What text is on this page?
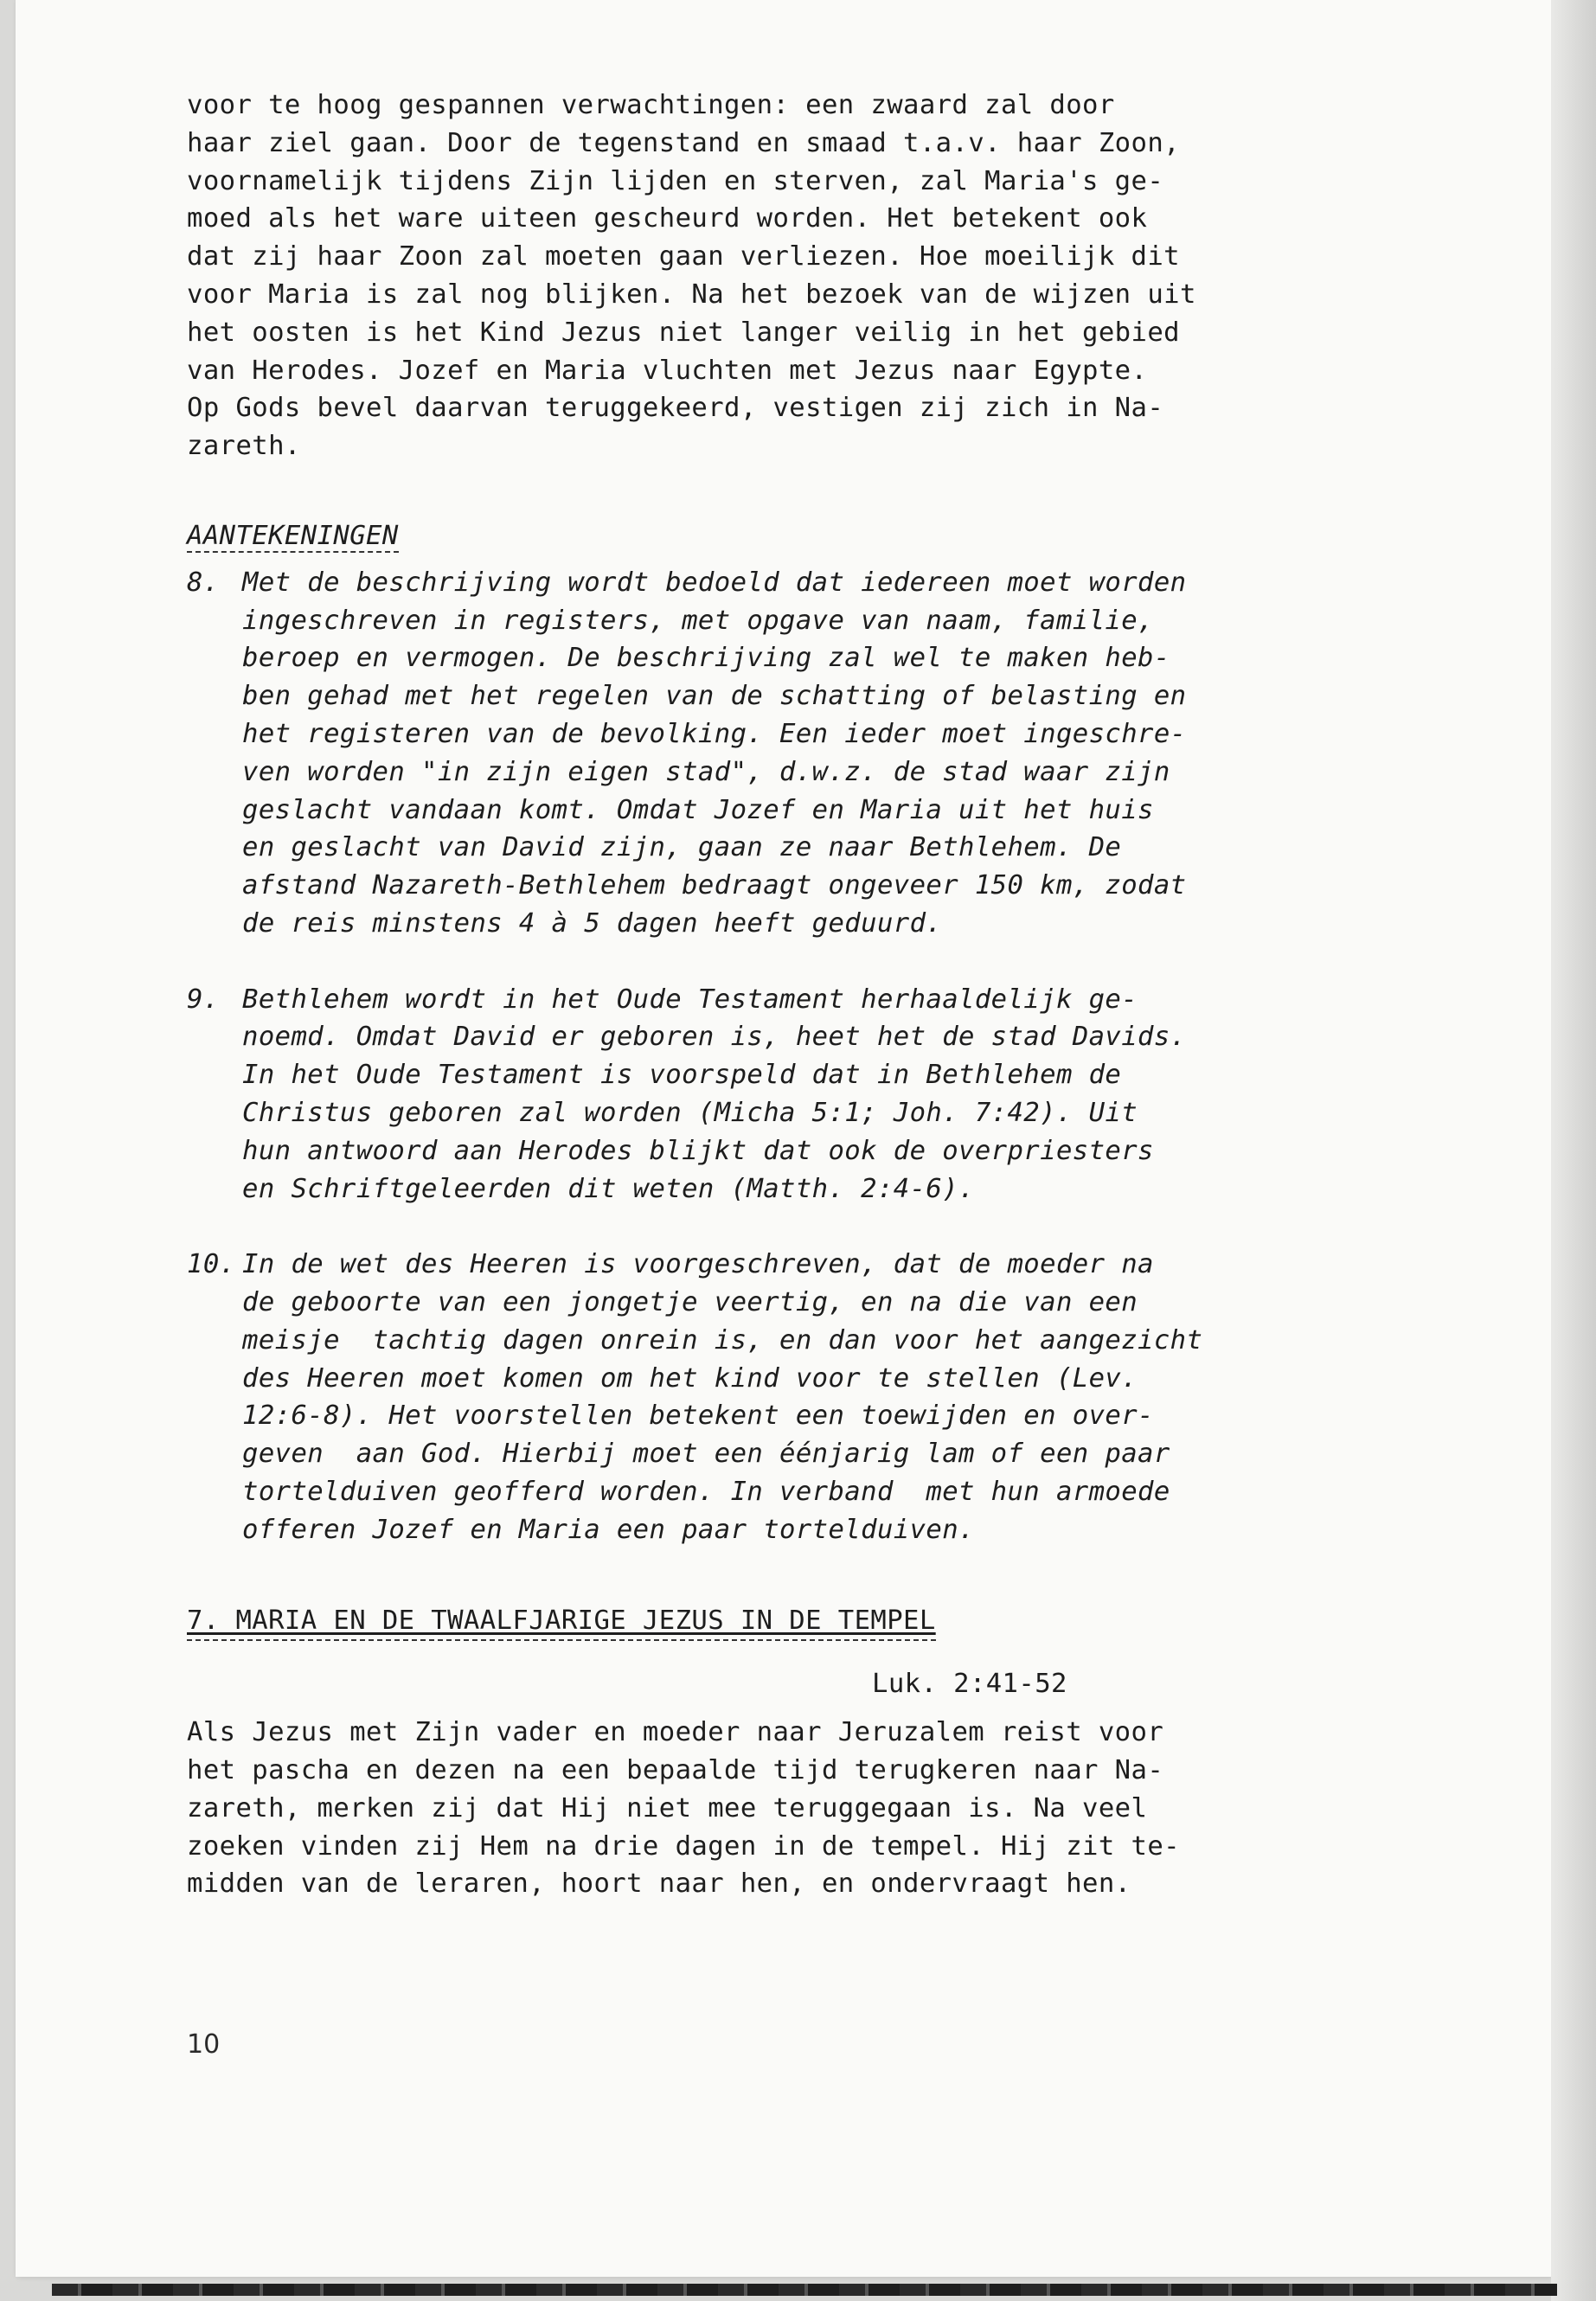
voor te hoog gespannen verwachtingen: een zwaard zal door
haar ziel gaan. Door de tegenstand en smaad t.a.v. haar Zoon,
voornamelijk tijdens Zijn lijden en sterven, zal Maria's ge-
moed als het ware uiteen gescheurd worden. Het betekent ook
dat zij haar Zoon zal moeten gaan verliezen. Hoe moeilijk dit
voor Maria is zal nog blijken. Na het bezoek van de wijzen uit
het oosten is het Kind Jezus niet langer veilig in het gebied
van Herodes. Jozef en Maria vluchten met Jezus naar Egypte.
Op Gods bevel daarvan teruggekeerd, vestigen zij zich in Na-
zareth.
AANTEKENINGEN
8. Met de beschrijving wordt bedoeld dat iedereen moet worden
ingeschreven in registers, met opgave van naam, familie,
beroep en vermogen. De beschrijving zal wel te maken heb-
ben gehad met het regelen van de schatting of belasting en
het registeren van de bevolking. Een ieder moet ingeschre-
ven worden "in zijn eigen stad", d.w.z. de stad waar zijn
geslacht vandaan komt. Omdat Jozef en Maria uit het huis
en geslacht van David zijn, gaan ze naar Bethlehem. De
afstand Nazareth-Bethlehem bedraagt ongeveer 150 km, zodat
de reis minstens 4 à 5 dagen heeft geduurd.
9. Bethlehem wordt in het Oude Testament herhaaldelijk ge-
noemd. Omdat David er geboren is, heet het de stad Davids.
In het Oude Testament is voorspeld dat in Bethlehem de
Christus geboren zal worden (Micha 5:1; Joh. 7:42). Uit
hun antwoord aan Herodes blijkt dat ook de overpriesters
en Schriftgeleerden dit weten (Matth. 2:4-6).
10. In de wet des Heeren is voorgeschreven, dat de moeder na
de geboorte van een jongetje veertig, en na die van een
meisje  tachtig dagen onrein is, en dan voor het aangezicht
des Heeren moet komen om het kind voor te stellen (Lev.
12:6-8). Het voorstellen betekent een toewijden en over-
geven  aan God. Hierbij moet een éénjarig lam of een paar
tortelduiven geofferd worden. In verband  met hun armoede
offeren Jozef en Maria een paar tortelduiven.
7. MARIA EN DE TWAALFJARIGE JEZUS IN DE TEMPEL
Luk. 2:41-52
Als Jezus met Zijn vader en moeder naar Jeruzalem reist voor
het pascha en dezen na een bepaalde tijd terugkeren naar Na-
zareth, merken zij dat Hij niet mee teruggegaan is. Na veel
zoeken vinden zij Hem na drie dagen in de tempel. Hij zit te-
midden van de leraren, hoort naar hen, en ondervraagt hen.
10
